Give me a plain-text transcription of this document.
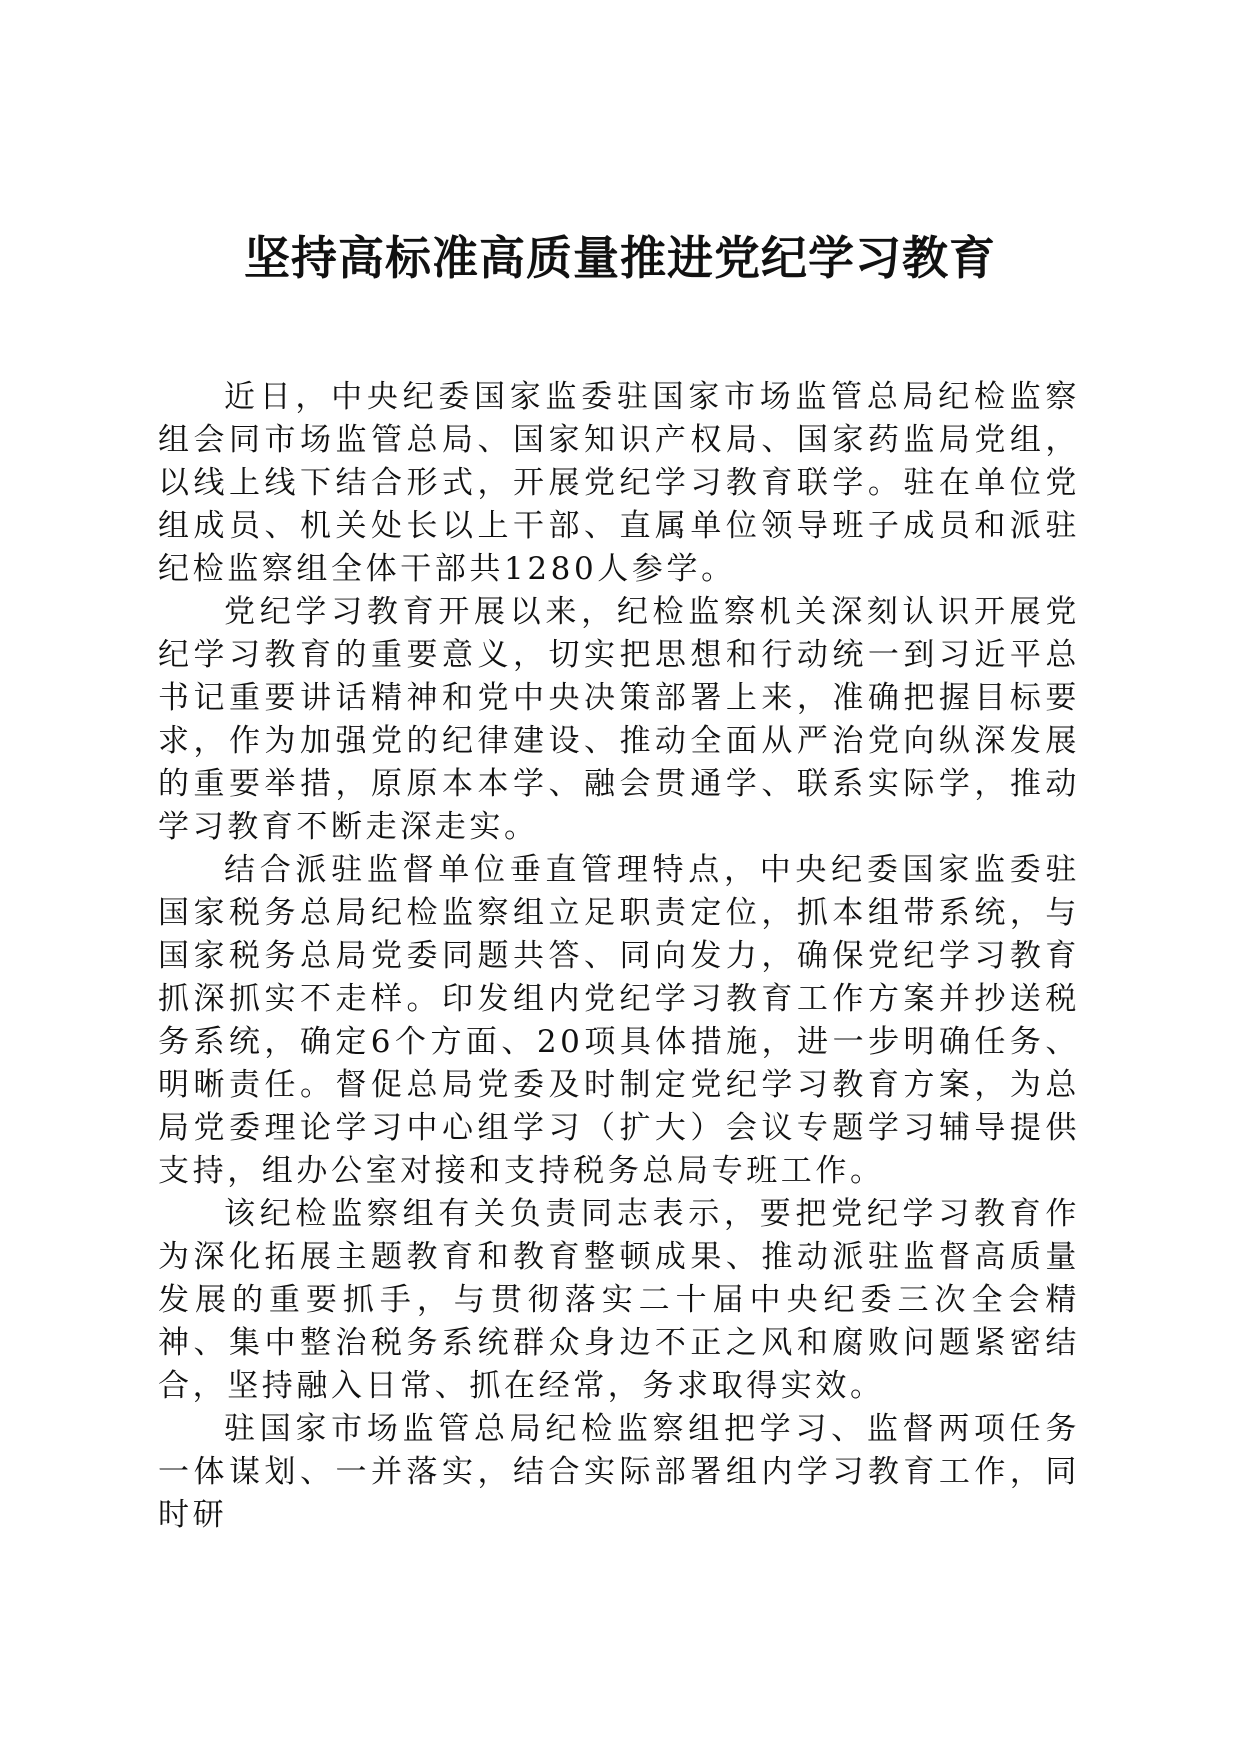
坚持高标准高质量推进党纪学习教育

近日，中央纪委国家监委驻国家市场监管总局纪检监察组会同市场监管总局、国家知识产权局、国家药监局党组，以线上线下结合形式，开展党纪学习教育联学。驻在单位党组成员、机关处长以上干部、直属单位领导班子成员和派驻纪检监察组全体干部共1280人参学。

党纪学习教育开展以来，纪检监察机关深刻认识开展党纪学习教育的重要意义，切实把思想和行动统一到习近平总书记重要讲话精神和党中央决策部署上来，准确把握目标要求，作为加强党的纪律建设、推动全面从严治党向纵深发展的重要举措，原原本本学、融会贯通学、联系实际学，推动学习教育不断走深走实。

结合派驻监督单位垂直管理特点，中央纪委国家监委驻国家税务总局纪检监察组立足职责定位，抓本组带系统，与国家税务总局党委同题共答、同向发力，确保党纪学习教育抓深抓实不走样。印发组内党纪学习教育工作方案并抄送税务系统，确定6个方面、20项具体措施，进一步明确任务、明晰责任。督促总局党委及时制定党纪学习教育方案，为总局党委理论学习中心组学习（扩大）会议专题学习辅导提供支持，组办公室对接和支持税务总局专班工作。

该纪检监察组有关负责同志表示，要把党纪学习教育作为深化拓展主题教育和教育整顿成果、推动派驻监督高质量发展的重要抓手，与贯彻落实二十届中央纪委三次全会精神、集中整治税务系统群众身边不正之风和腐败问题紧密结合，坚持融入日常、抓在经常，务求取得实效。

驻国家市场监管总局纪检监察组把学习、监督两项任务一体谋划、一并落实，结合实际部署组内学习教育工作，同时研
